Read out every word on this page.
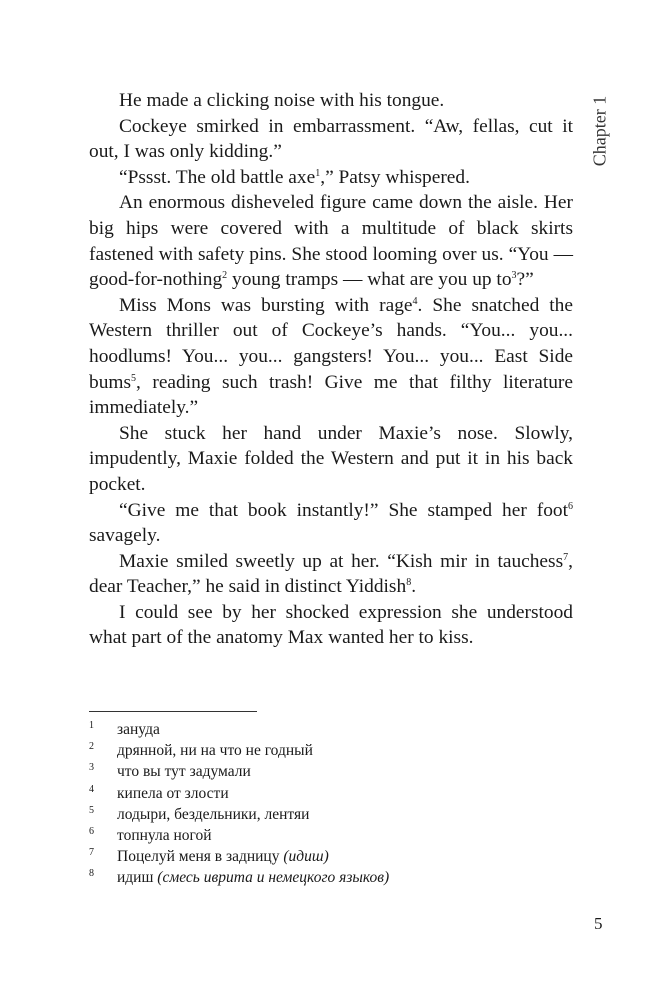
Chapter 1

He made a clicking noise with his tongue.

Cockeye smirked in embarrassment. “Aw, fellas, cut it out, I was only kidding.”

“Pssst. The old battle axe$^1$,” Patsy whispered.

An enormous disheveled figure came down the aisle. Her big hips were covered with a multitude of black skirts fastened with safety pins. She stood looming over us. “You — good-for-nothing$^2$ young tramps — what are you up $to^3$?”

Miss Mons was bursting with rage$^4$. She snatched the Western thriller out of Cockeye’s hands. “You... you... hoodlums! You... you... gangsters! You... you... East Side bums$^5$, reading such trash! Give me that filthy literature immediately.”

She stuck her hand under Maxie’s nose. Slowly, impudently, Maxie folded the Western and put it in his back pocket.

“Give me that book instantly!” She stamped her foot$^6$ savagely.

Maxie smiled sweetly up at her. “Kish mir in tauchess$^7$, dear Teacher,” he said in distinct Yiddish$^8$.

I could see by her shocked expression she understood what part of the anatomy Max wanted her to kiss.

1	зануда
2	дрянной, ни на что не годный
3	что вы тут задумали
4	кипела от злости
5	лодыри, бездельники, лентяи
6	топнула ногой
7	Поцелуй меня в задницу (идиш)
8	идиш (смесь иврита и немецкого языков)
5
